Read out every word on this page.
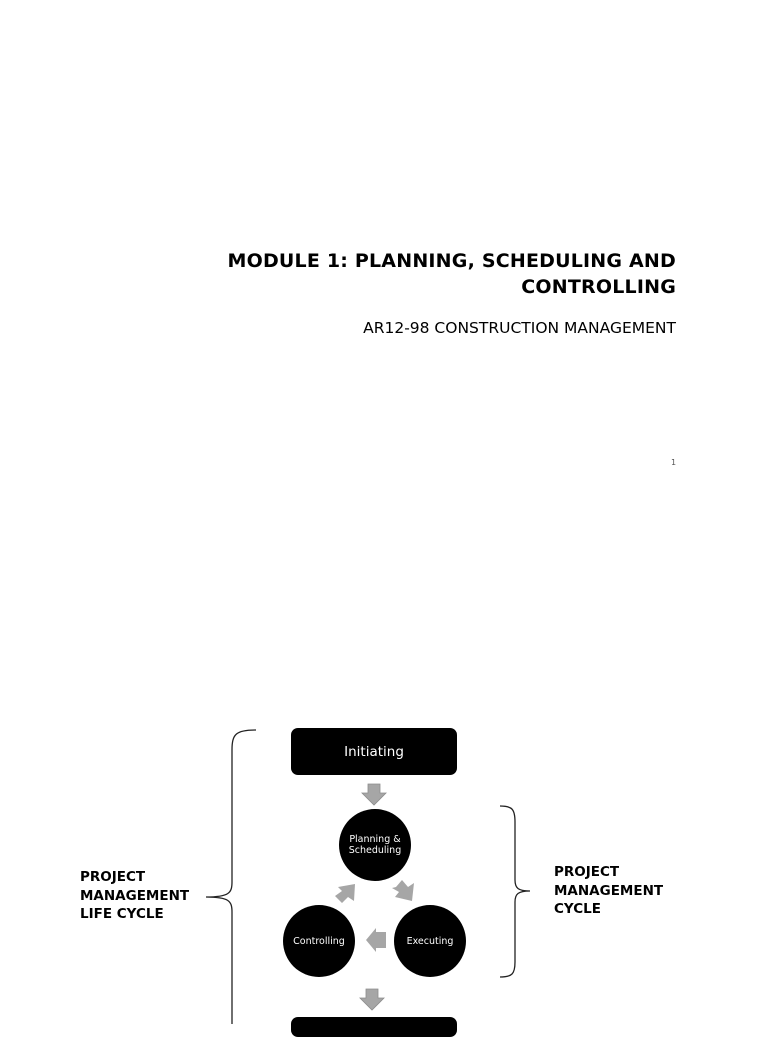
MODULE 1: PLANNING, SCHEDULING AND
CONTROLLING
AR12-98 CONSTRUCTION MANAGEMENT
1
Initiating
Planning &
Scheduling
Controlling	Executing
PROJECT
MANAGEMENT
LIFE CYCLE
PROJECT
MANAGEMENT
CYCLE
